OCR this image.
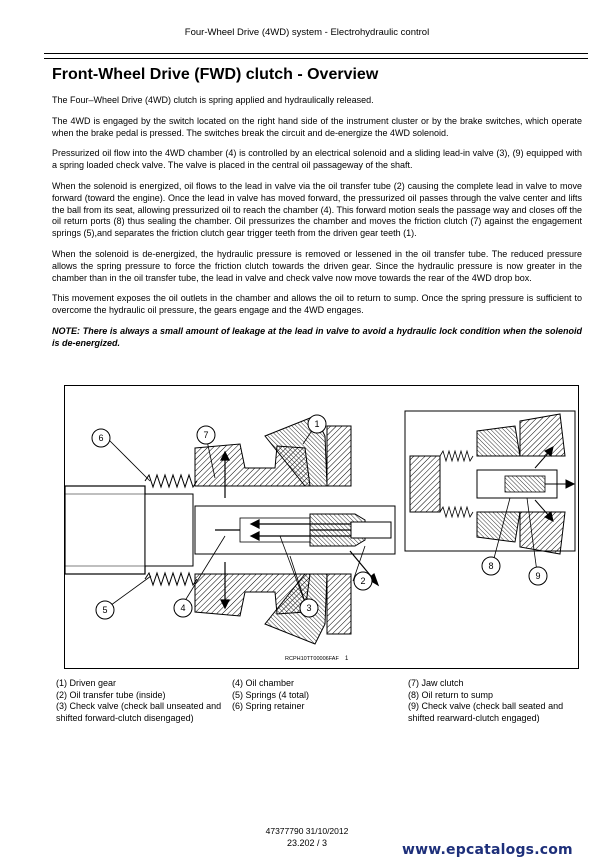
Four-Wheel Drive (4WD) system - Electrohydraulic control
Front-Wheel Drive (FWD) clutch - Overview

The Four–Wheel Drive (4WD) clutch is spring applied and hydraulically released.

The 4WD is engaged by the switch located on the right hand side of the instrument cluster or by the brake switches, which operate when the brake pedal is pressed. The switches break the circuit and de-energize the 4WD solenoid.

Pressurized oil flow into the 4WD chamber (4) is controlled by an electrical solenoid and a sliding lead-in valve (3), (9) equipped with a spring loaded check valve. The valve is placed in the central oil passageway of the shaft.

When the solenoid is energized, oil flows to the lead in valve via the oil transfer tube (2) causing the complete lead in valve to move forward (toward the engine). Once the lead in valve has moved forward, the pressurized oil passes through the valve center and lifts the ball from its seat, allowing pressurized oil to reach the chamber (4). This forward motion seals the passage way and closes off the oil return ports (8) thus sealing the chamber. Oil pressurizes the chamber and moves the friction clutch (7) against the engagement springs (5),and separates the friction clutch gear trigger teeth from the driven gear teeth (1).

When the solenoid is de-energized, the hydraulic pressure is removed or lessened in the oil transfer tube. The reduced pressure allows the spring pressure to force the friction clutch towards the driven gear. Since the hydraulic pressure is now greater in the chamber than in the oil transfer tube, the lead in valve and check valve now move towards the rear of the 4WD drop box.

This movement exposes the oil outlets in the chamber and allows the oil to return to sump. Once the spring pressure is sufficient to overcome the hydraulic oil pressure, the gears engage and the 4WD engages.

NOTE: There is always a small amount of leakage at the lead in valve to avoid a hydraulic lock condition when the solenoid is de-energized.

1
2
3
4
5
6	7
8
9
RCPH10TT00006FAF 1
(1) Driven gear
(2) Oil transfer tube (inside)
(3) Check valve (check ball unseated and shifted forward-clutch disengaged)
(4) Oil chamber
(5) Springs (4 total)
(6) Spring retainer
(7) Jaw clutch
(8) Oil return to sump
(9) Check valve (check ball seated and shifted rearward-clutch engaged)
47377790 31/10/2012
23.202 / 3	www.epcatalogs.com
